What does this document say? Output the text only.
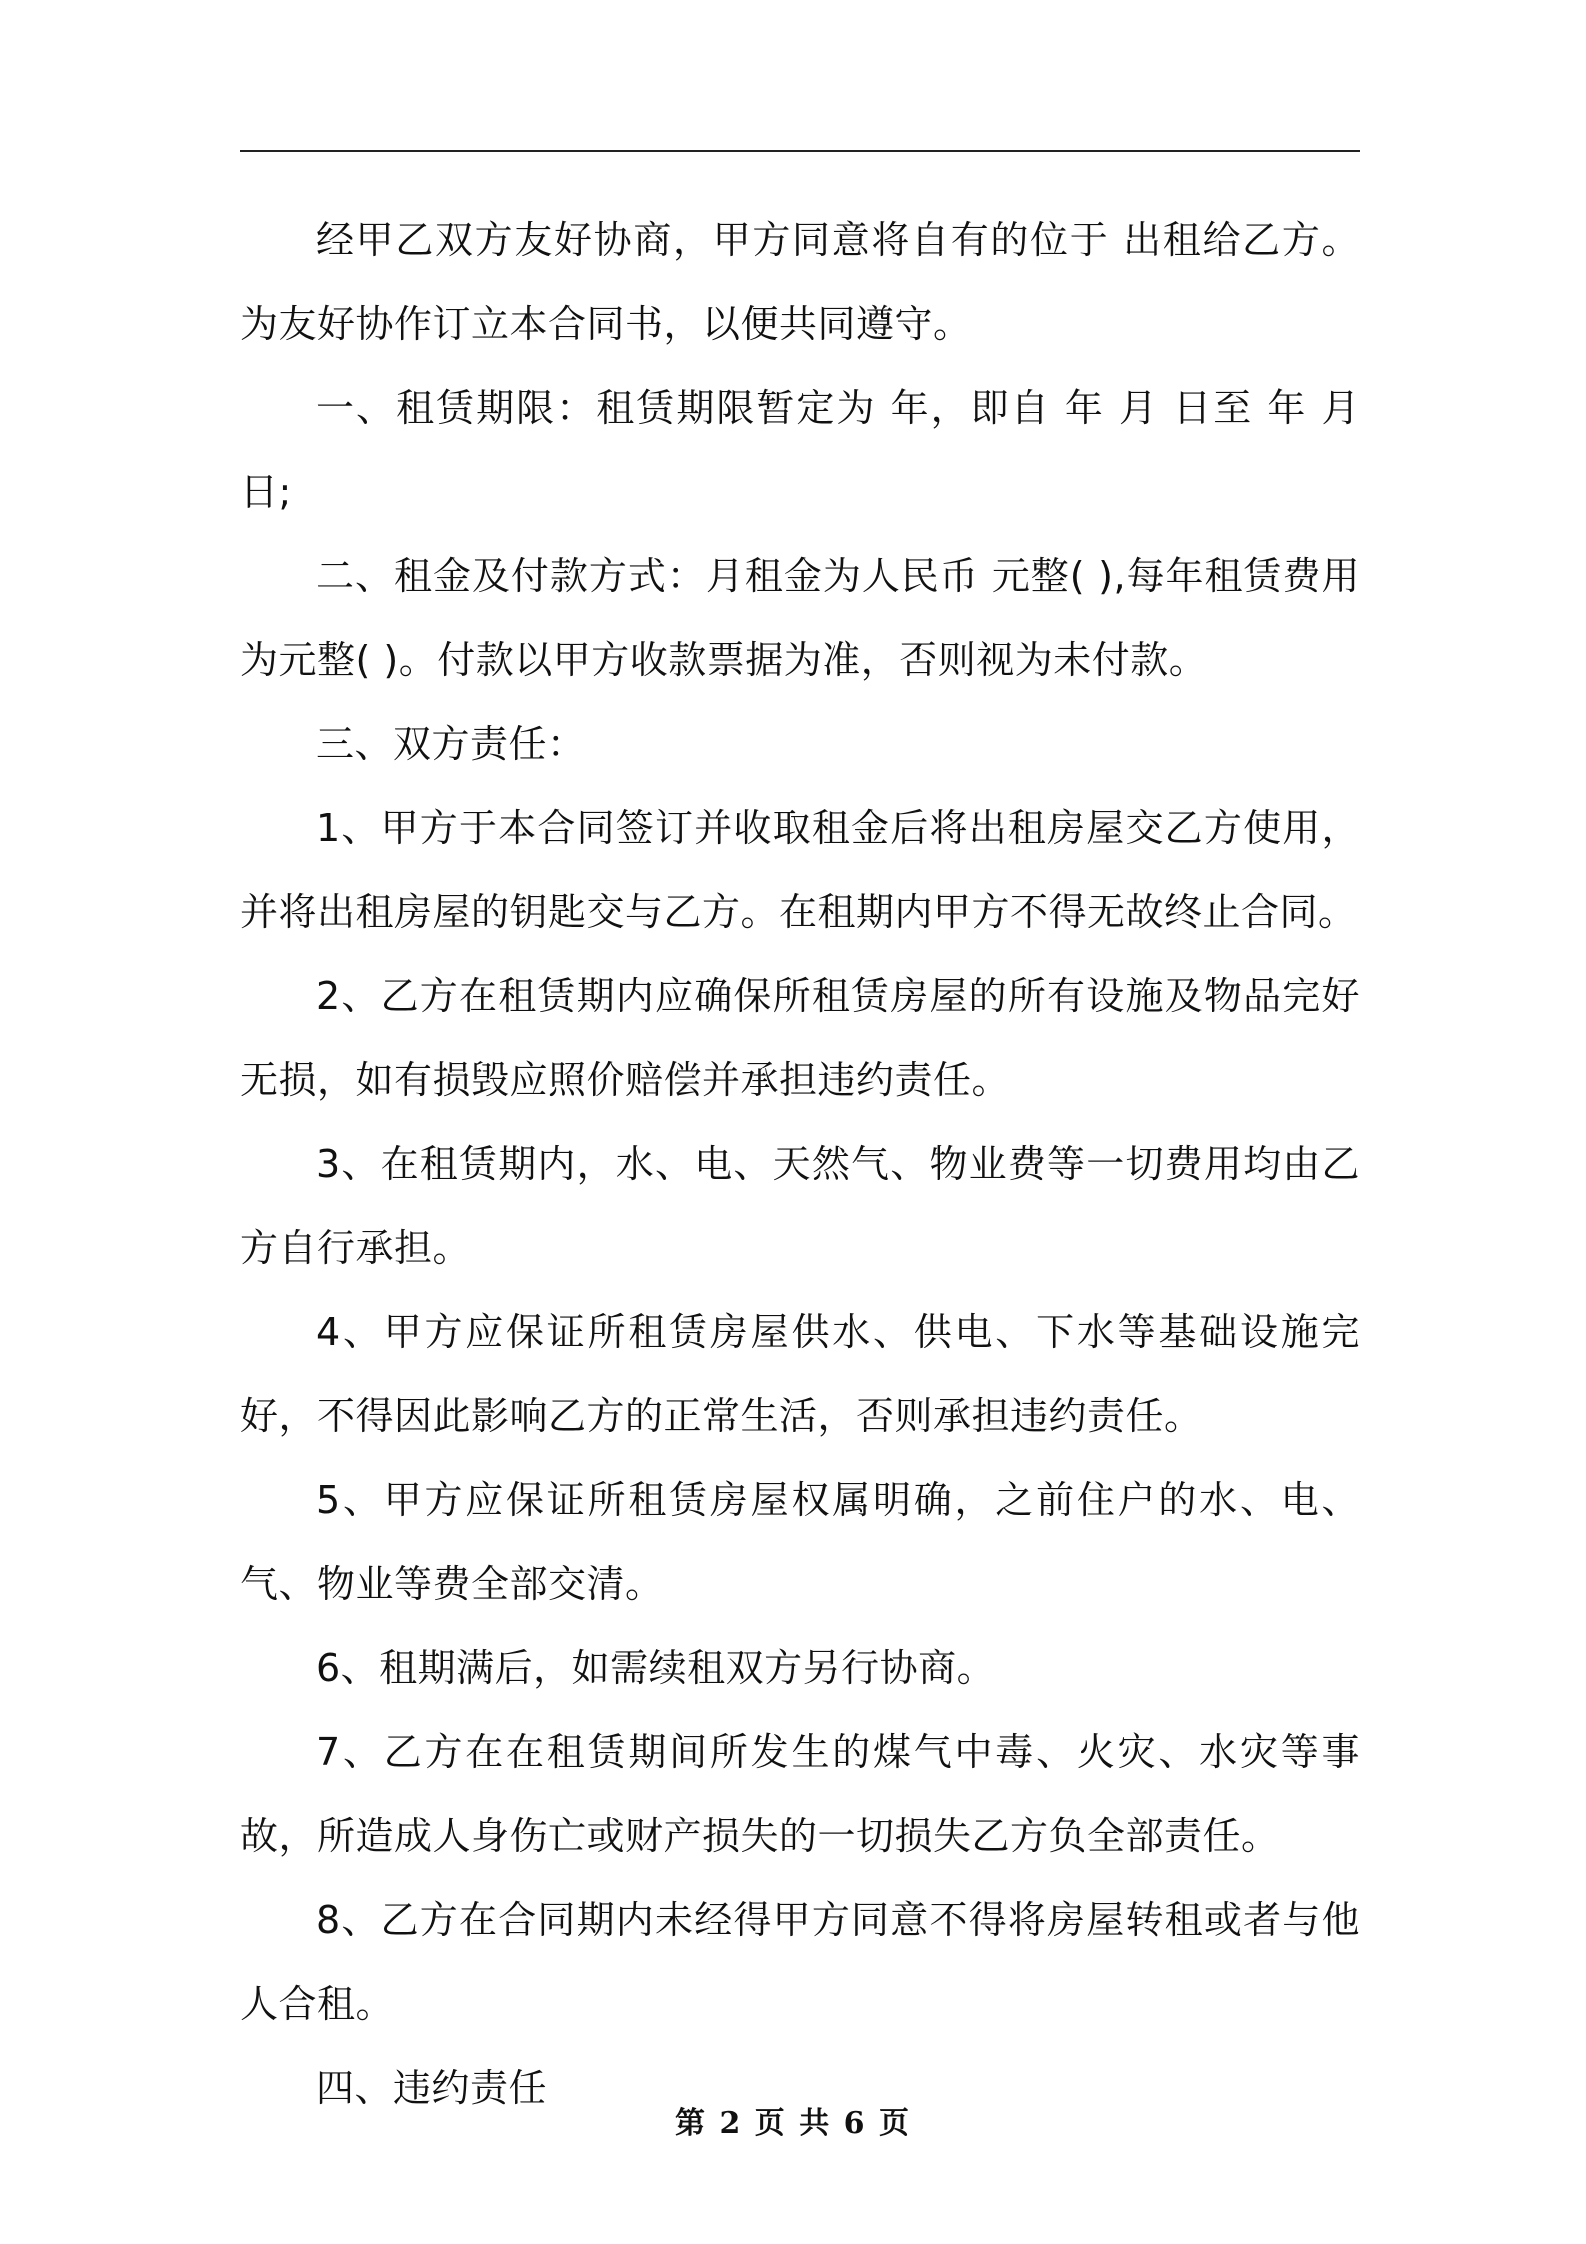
经甲乙双方友好协商，甲方同意将自有的位于 出租给乙方。为友好协作订立本合同书，以便共同遵守。

一、租赁期限：租赁期限暂定为 年，即自 年 月 日至 年 月 日;

二、租金及付款方式：月租金为人民币 元整( ),每年租赁费用为元整( )。付款以甲方收款票据为准，否则视为未付款。

三、双方责任：

1、甲方于本合同签订并收取租金后将出租房屋交乙方使用，并将出租房屋的钥匙交与乙方。在租期内甲方不得无故终止合同。

2、乙方在租赁期内应确保所租赁房屋的所有设施及物品完好无损，如有损毁应照价赔偿并承担违约责任。

3、在租赁期内，水、电、天然气、物业费等一切费用均由乙方自行承担。

4、甲方应保证所租赁房屋供水、供电、下水等基础设施完好，不得因此影响乙方的正常生活，否则承担违约责任。

5、甲方应保证所租赁房屋权属明确，之前住户的水、电、气、物业等费全部交清。

6、租期满后，如需续租双方另行协商。

7、乙方在在租赁期间所发生的煤气中毒、火灾、水灾等事故，所造成人身伤亡或财产损失的一切损失乙方负全部责任。

8、乙方在合同期内未经得甲方同意不得将房屋转租或者与他人合租。

四、违约责任

第 2 页 共 6 页
